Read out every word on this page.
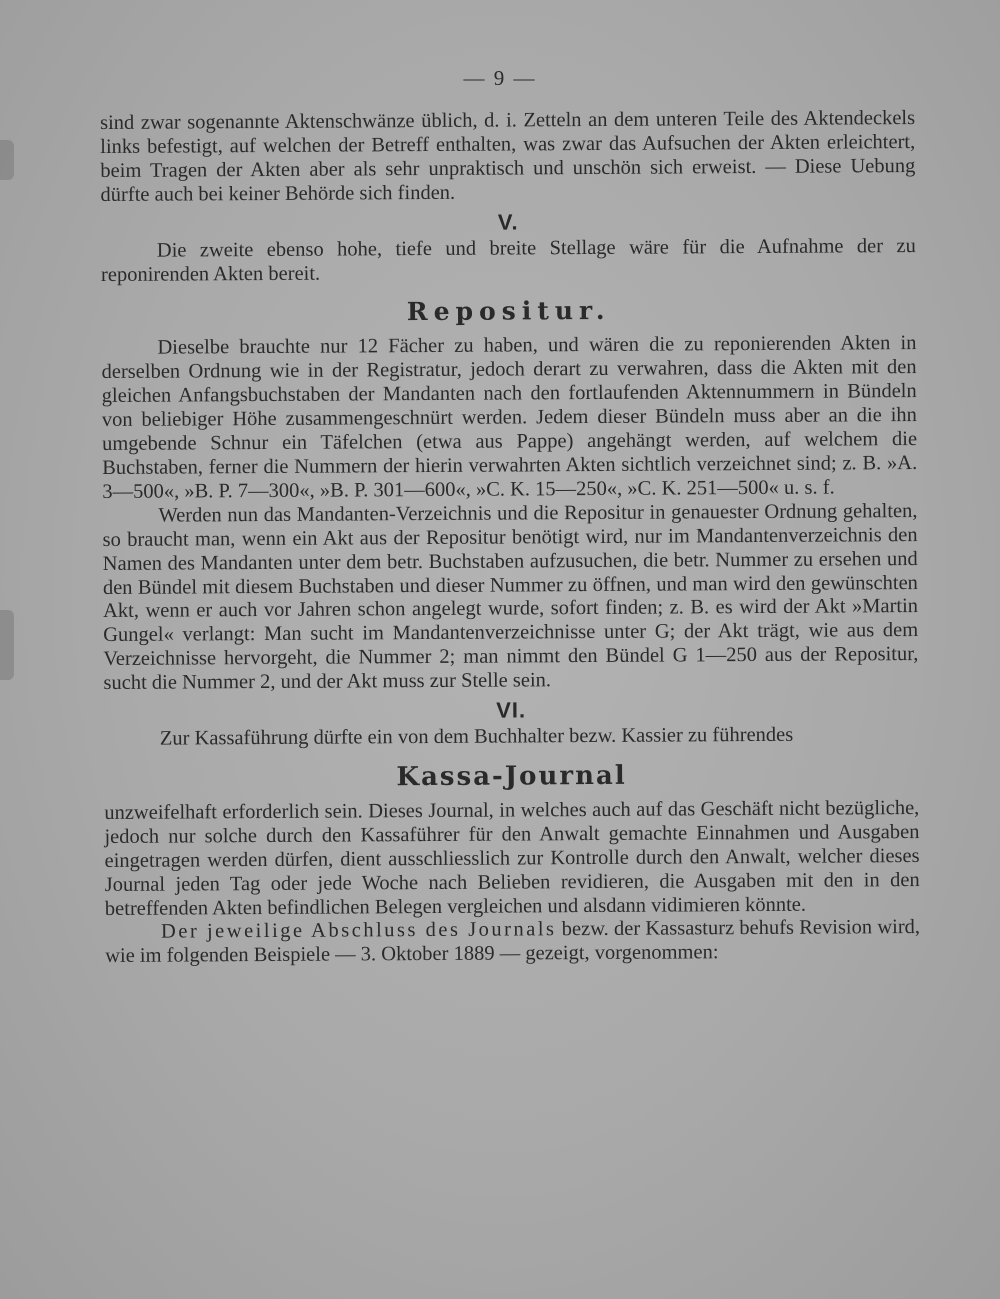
— 9 —

sind zwar sogenannte Aktenschwänze üblich, d. i. Zetteln an dem unteren Teile des Aktendeckels links befestigt, auf welchen der Betreff enthalten, was zwar das Aufsuchen der Akten erleichtert, beim Tragen der Akten aber als sehr unpraktisch und unschön sich erweist. — Diese Uebung dürfte auch bei keiner Behörde sich finden.

V.

Die zweite ebenso hohe, tiefe und breite Stellage wäre für die Aufnahme der zu reponirenden Akten bereit.

Repositur.

Dieselbe brauchte nur 12 Fächer zu haben, und wären die zu reponierenden Akten in derselben Ordnung wie in der Registratur, jedoch derart zu verwahren, dass die Akten mit den gleichen Anfangsbuchstaben der Mandanten nach den fortlaufenden Aktennummern in Bündeln von beliebiger Höhe zusammengeschnürt werden. Jedem dieser Bündeln muss aber an die ihn umgebende Schnur ein Täfelchen (etwa aus Pappe) angehängt werden, auf welchem die Buchstaben, ferner die Nummern der hierin verwahrten Akten sichtlich verzeichnet sind; z. B. »A. 3—500«, »B. P. 7—300«, »B. P. 301—600«, »C. K. 15—250«, »C. K. 251—500« u. s. f.

Werden nun das Mandanten-Verzeichnis und die Repositur in genauester Ordnung gehalten, so braucht man, wenn ein Akt aus der Repositur benötigt wird, nur im Mandantenverzeichnis den Namen des Mandanten unter dem betr. Buchstaben aufzusuchen, die betr. Nummer zu ersehen und den Bündel mit diesem Buchstaben und dieser Nummer zu öffnen, und man wird den gewünschten Akt, wenn er auch vor Jahren schon angelegt wurde, sofort finden; z. B. es wird der Akt »Martin Gungel« verlangt: Man sucht im Mandantenverzeichnisse unter G; der Akt trägt, wie aus dem Verzeichnisse hervorgeht, die Nummer 2; man nimmt den Bündel G 1—250 aus der Repositur, sucht die Nummer 2, und der Akt muss zur Stelle sein.

VI.

Zur Kassaführung dürfte ein von dem Buchhalter bezw. Kassier zu führendes

Kassa-Journal

unzweifelhaft erforderlich sein. Dieses Journal, in welches auch auf das Geschäft nicht bezügliche, jedoch nur solche durch den Kassaführer für den Anwalt gemachte Einnahmen und Ausgaben eingetragen werden dürfen, dient ausschliesslich zur Kontrolle durch den Anwalt, welcher dieses Journal jeden Tag oder jede Woche nach Belieben revidieren, die Ausgaben mit den in den betreffenden Akten befindlichen Belegen vergleichen und alsdann vidimieren könnte.

Der jeweilige Abschluss des Journals bezw. der Kassasturz behufs Revision wird, wie im folgenden Beispiele — 3. Oktober 1889 — gezeigt, vorgenommen:
